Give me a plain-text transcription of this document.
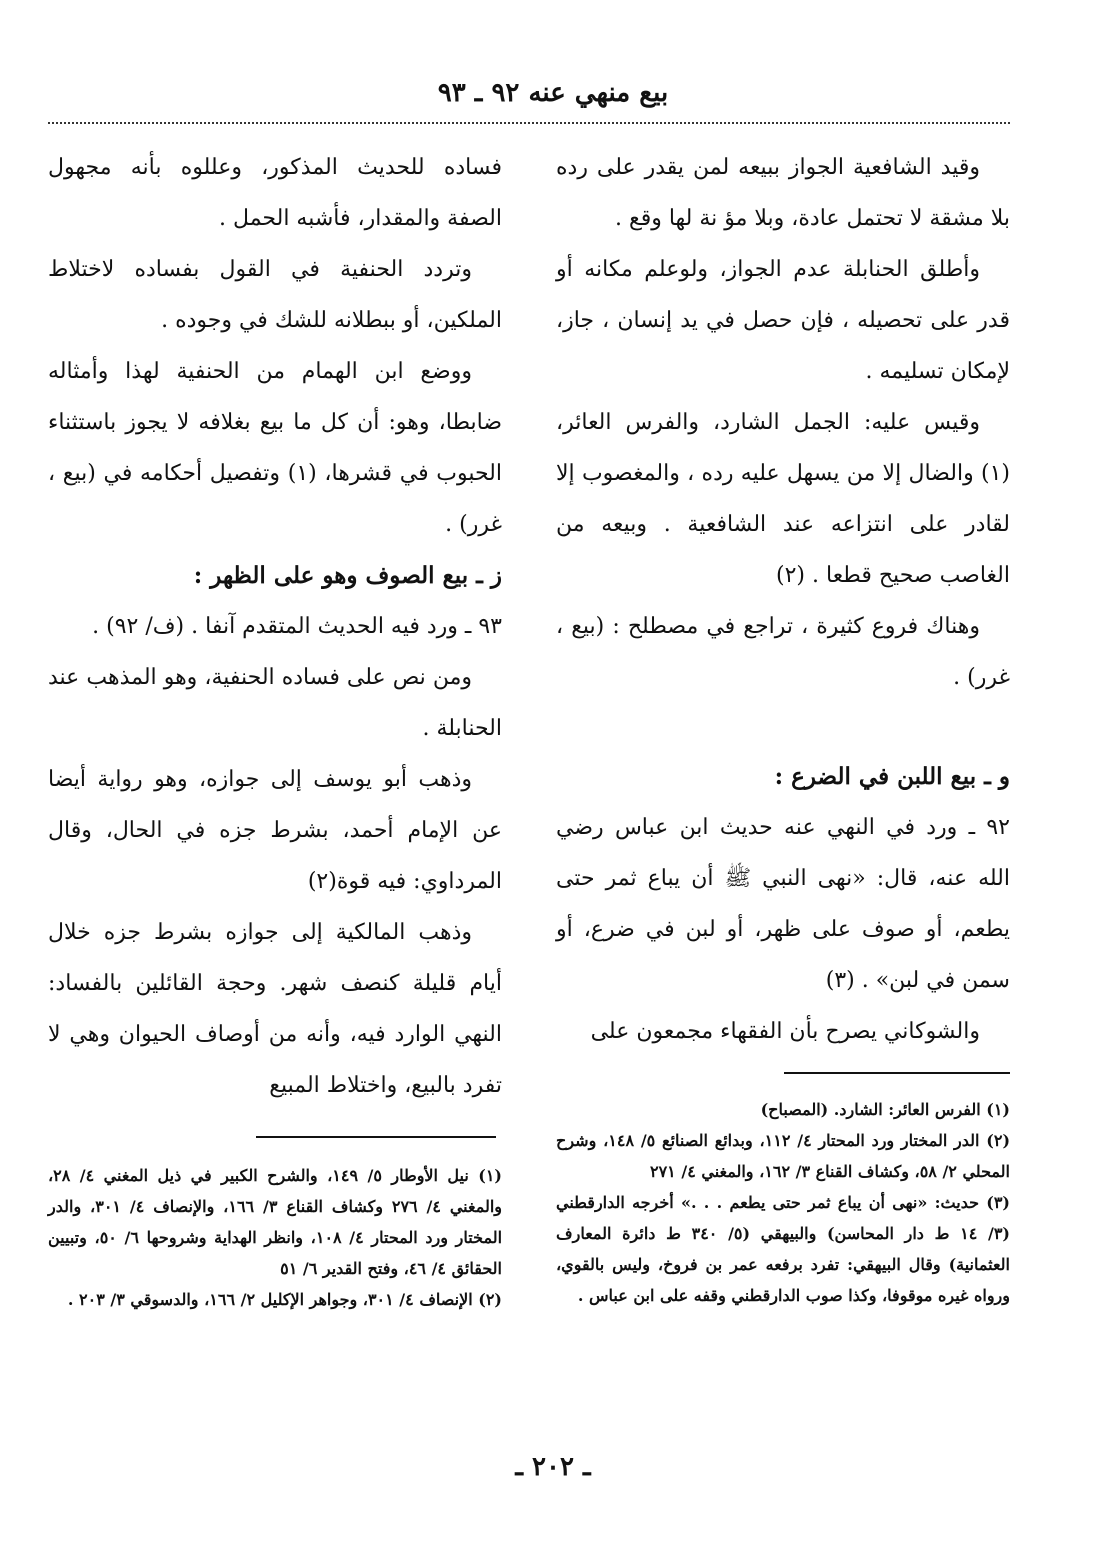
بيع منهي عنه ٩٢ ـ ٩٣

وقيد الشافعية الجواز ببيعه لمن يقدر على رده بلا مشقة لا تحتمل عادة، وبلا مؤ نة لها وقع .

وأطلق الحنابلة عدم الجواز، ولوعلم مكانه أو قدر على تحصيله ، فإن حصل في يد إنسان ، جاز، لإمكان تسليمه .

وقيس عليه: الجمل الشارد، والفرس العائر، (١) والضال إلا من يسهل عليه رده ، والمغصوب إلا لقادر على انتزاعه عند الشافعية . وبيعه من الغاصب صحيح قطعا . (٢)

وهناك فروع كثيرة ، تراجع في مصطلح : (بيع ، غرر) .

و ـ بيع اللبن في الضرع :

٩٢ ـ ورد في النهي عنه حديث ابن عباس رضي الله عنه، قال: «نهى النبي ﷺ أن يباع ثمر حتى يطعم، أو صوف على ظهر، أو لبن في ضرع، أو سمن في لبن» . (٣)

والشوكاني يصرح بأن الفقهاء مجمعون على

فساده للحديث المذكور، وعللوه بأنه مجهول الصفة والمقدار، فأشبه الحمل .

وتردد الحنفية في القول بفساده لاختلاط الملكين، أو ببطلانه للشك في وجوده .

ووضع ابن الهمام من الحنفية لهذا وأمثاله ضابطا، وهو: أن كل ما بيع بغلافه لا يجوز باستثناء الحبوب في قشرها، (١) وتفصيل أحكامه في (بيع ، غرر) .

ز ـ بيع الصوف وهو على الظهر :

٩٣ ـ ورد فيه الحديث المتقدم آنفا . (ف/ ٩٢) .

ومن نص على فساده الحنفية، وهو المذهب عند الحنابلة .

وذهب أبو يوسف إلى جوازه، وهو رواية أيضا عن الإمام أحمد، بشرط جزه في الحال، وقال المرداوي: فيه قوة(٢)

وذهب المالكية إلى جوازه بشرط جزه خلال أيام قليلة كنصف شهر. وحجة القائلين بالفساد: النهي الوارد فيه، وأنه من أوصاف الحيوان وهي لا تفرد بالبيع، واختلاط المبيع

(١) الفرس العائر: الشارد. (المصباح)

(٢) الدر المختار ورد المحتار ٤/ ١١٢، وبدائع الصنائع ٥/ ١٤٨، وشرح المحلي ٢/ ٥٨، وكشاف القناع ٣/ ١٦٢، والمغني ٤/ ٢٧١

(٣) حديث: «نهى أن يباع ثمر حتى يطعم . . .» أخرجه الدارقطني (٣/ ١٤ ط دار المحاسن) والبيهقي (٥/ ٣٤٠ ط دائرة المعارف العثمانية) وقال البيهقي: تفرد برفعه عمر بن فروخ، وليس بالقوي، ورواه غيره موقوفا، وكذا صوب الدارقطني وقفه على ابن عباس .

(١) نيل الأوطار ٥/ ١٤٩، والشرح الكبير في ذيل المغني ٤/ ٢٨، والمغني ٤/ ٢٧٦ وكشاف القناع ٣/ ١٦٦، والإنصاف ٤/ ٣٠١، والدر المختار ورد المحتار ٤/ ١٠٨، وانظر الهداية وشروحها ٦/ ٥٠، وتبيين الحقائق ٤/ ٤٦، وفتح القدير ٦/ ٥١

(٢) الإنصاف ٤/ ٣٠١، وجواهر الإكليل ٢/ ١٦٦، والدسوقي ٣/ ٢٠٣ .

ـ ٢٠٢ ـ
